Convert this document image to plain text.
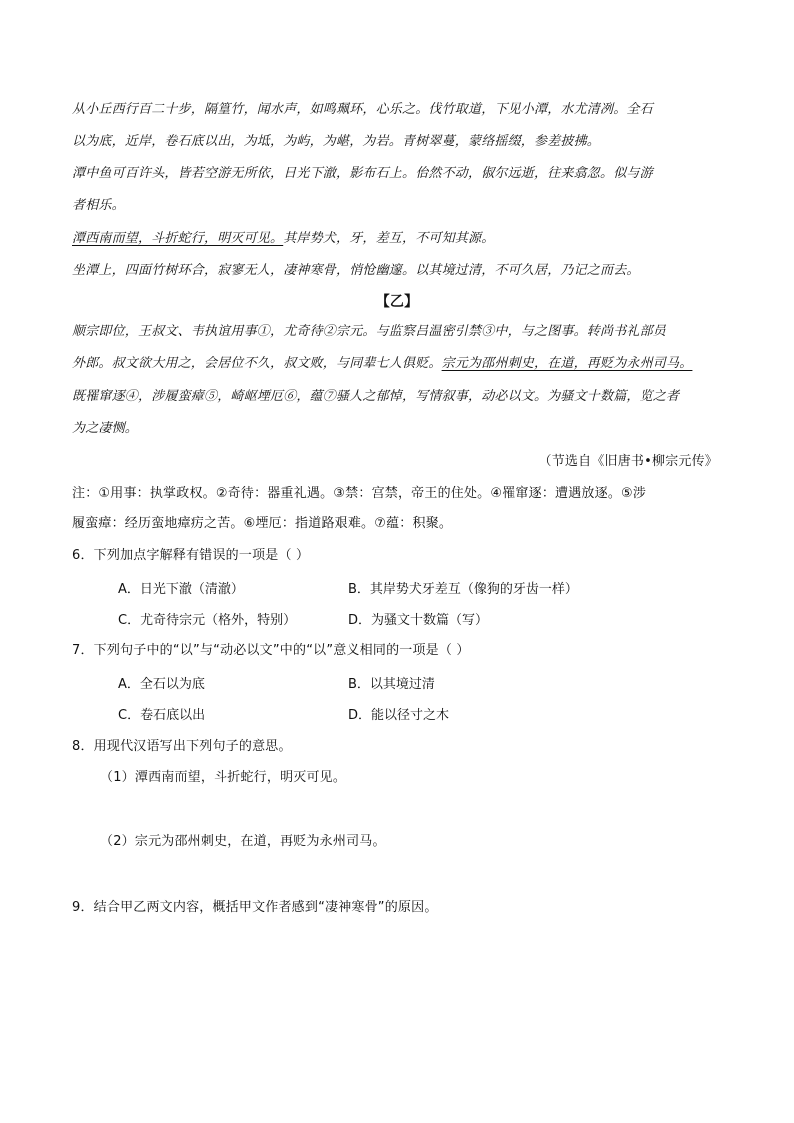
从小丘西行百二十步，隔篁竹，闻水声，如鸣珮环，心乐之。伐竹取道，下见小潭，水尤清冽。全石
以为底，近岸，卷石底以出，为坻，为屿，为嵁，为岩。青树翠蔓，蒙络摇缀，参差披拂。
潭中鱼可百许头，皆若空游无所依，日光下澈，影布石上。佁然不动，俶尔远逝，往来翕忽。似与游
者相乐。
潭西南而望，斗折蛇行，明灭可见。其岸势犬，牙，差互，不可知其源。
坐潭上，四面竹树环合，寂寥无人，凄神寒骨，悄怆幽邃。以其境过清，不可久居，乃记之而去。
【乙】
顺宗即位，王叔文、韦执谊用事①，尤奇待②宗元。与监察吕温密引禁③中，与之图事。转尚书礼部员
外郎。叔文欲大用之，会居位不久，叔文败，与同辈七人俱贬。宗元为邵州刺史，在道，再贬为永州司马。
既罹窜逐④，涉履蛮瘴⑤，崎岖堙厄⑥，蕴⑦骚人之郁悼，写情叙事，动必以文。为骚文十数篇，览之者
为之凄恻。
（节选自《旧唐书•柳宗元传》
注：①用事：执掌政权。②奇待：器重礼遇。③禁：宫禁，帝王的住处。④罹窜逐：遭遇放逐。⑤涉
履蛮瘴：经历蛮地瘴疠之苦。⑥堙厄：指道路艰难。⑦蕴：积聚。
6．下列加点字解释有错误的一项是（ ）
A．日光下澈（清澈）	B．其岸势犬牙差互（像狗的牙齿一样）
C．尤奇待宗元（格外，特别）	D．为骚文十数篇（写）
7．下列句子中的“以”与“动必以文”中的“以”意义相同的一项是（ ）
A．全石以为底	B．以其境过清
C．卷石底以出	D．能以径寸之木
8．用现代汉语写出下列句子的意思。
（1）潭西南而望，斗折蛇行，明灭可见。
（2）宗元为邵州刺史，在道，再贬为永州司马。
9．结合甲乙两文内容，概括甲文作者感到“凄神寒骨”的原因。
